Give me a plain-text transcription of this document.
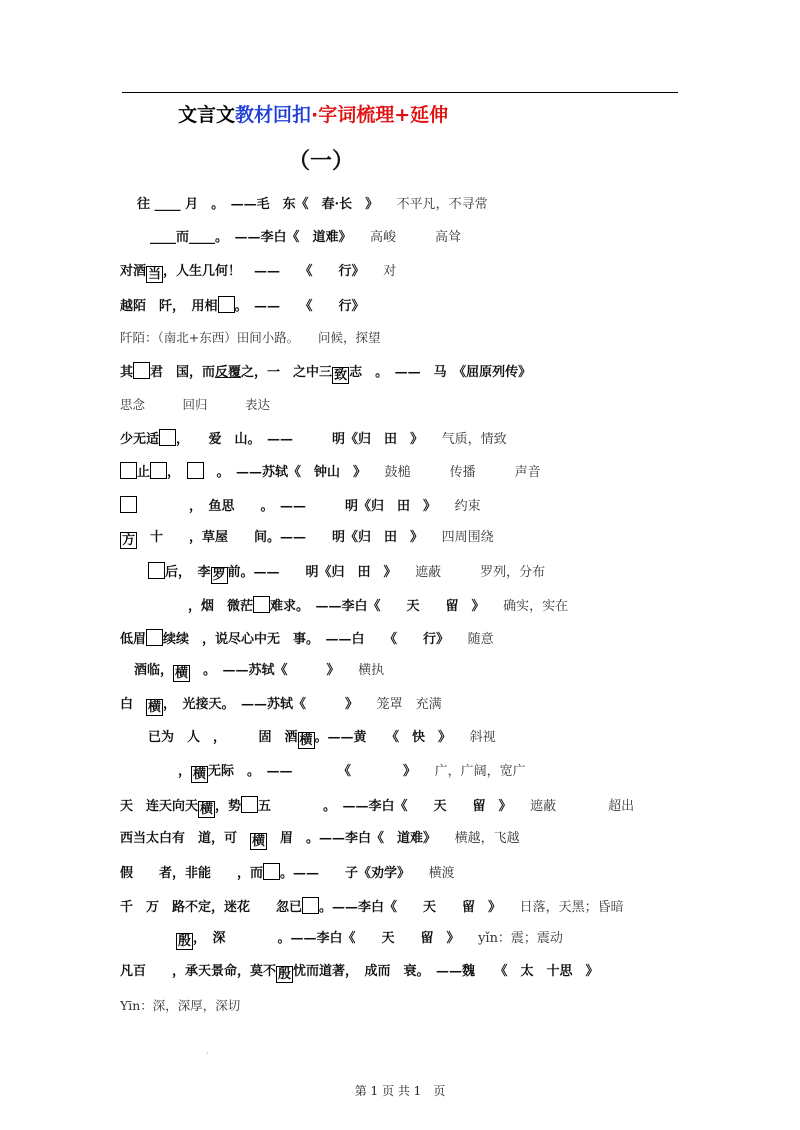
文言文教材回扣·字词梳理+延伸
（一）
往 ____ 月　。　——毛　东《　春·长　》 不平凡，不寻常
____而____。　——李白《　道难》 高峻　　　高耸
对酒 当 ，人生几何！　——　　《　　行》 对
越陌　阡，　用相 。　——　　《　　行》
阡陌：（南北+东西）田间小路。　　问候，探望
其 君　国，而反覆之，一　之中三 致 志　。　——　马　《屈原列传》
思念　　　回归　　　表达
少无适 ，　　爱　山。　——　　　明《归　田　》 气质，情致
止 ，　　。　——苏轼《　钟山　》 鼓槌　　　传播　　　声音
　　　　，　鱼思　　。　——　　　明《归　田　》 约束
方　 十　　，草屋　　间。——　　明《归　田　》 四周围绕
后，　李 罗 前。——　　明《归　田　》 遮蔽　　　罗列，分布
，烟　微茫 难求。　——李白《　　天　　留　》 确实，实在
低眉 续续　，说尽心中无　事。　——白　　《　　行》 随意
酒临， 横　。　——苏轼《　　　》 横执
白　 横 ，　光接天。　——苏轼《　　　》 笼罩　充满
已为　人　，　　　固　酒 横 。——黄　　《　快　》 斜视
， 横 无际　。　——　　　　《　　　　》 广，广阔，宽广
天　连天向天 横 ，势 五　　　　。　——李白《　　天　　留　》 遮蔽　　　　超出
西当太白有　道，可　横　眉　。——李白《　道难》 横越，飞越
假　　者，非能　　，而 。——　　子《劝学》 横渡
千　万　路不定，迷花　　忽已 。——李白《　　天　　留　》 日落，天黑；昏暗
殷 ，　深　　　　。——李白《　　天　　留　》 yǐn：震；震动
凡百　　，承天景命，莫不 殷 忧而道著，　成而　衰。　——魏　　《　太　十思　》
Yīn：深，深厚，深切
·
第 1 页 共 1　页
